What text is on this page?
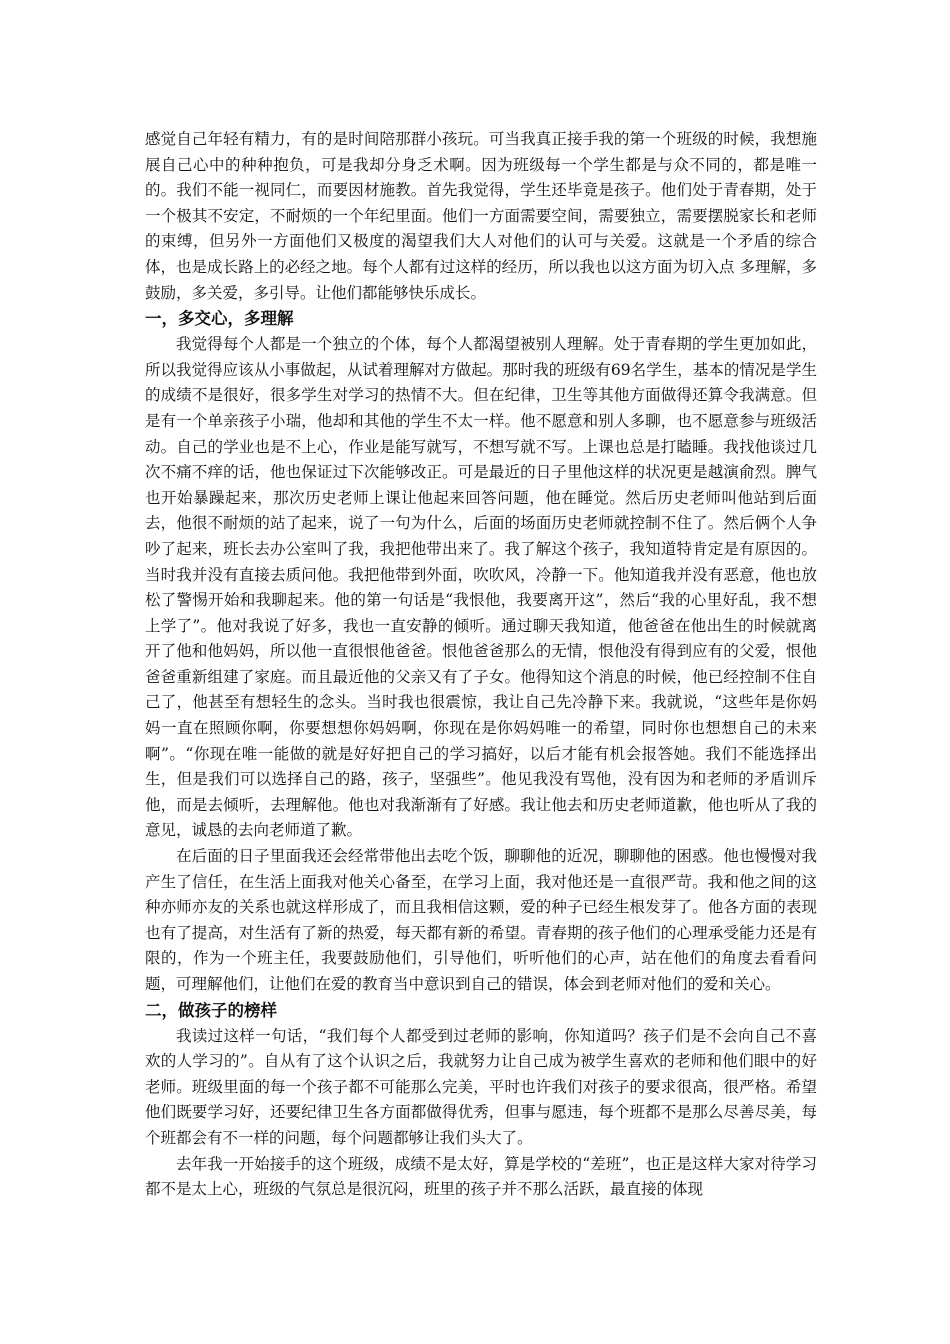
感觉自己年轻有精力，有的是时间陪那群小孩玩。可当我真正接手我的第一个班级的时候，我想施展自己心中的种种抱负，可是我却分身乏术啊。因为班级每一个学生都是与众不同的，都是唯一的。我们不能一视同仁，而要因材施教。首先我觉得，学生还毕竟是孩子。他们处于青春期，处于一个极其不安定，不耐烦的一个年纪里面。他们一方面需要空间，需要独立，需要摆脱家长和老师的束缚，但另外一方面他们又极度的渴望我们大人对他们的认可与关爱。这就是一个矛盾的综合体，也是成长路上的必经之地。每个人都有过这样的经历，所以我也以这方面为切入点 多理解，多鼓励，多关爱，多引导。让他们都能够快乐成长。

一，多交心，多理解

我觉得每个人都是一个独立的个体，每个人都渴望被别人理解。处于青春期的学生更加如此，所以我觉得应该从小事做起，从试着理解对方做起。那时我的班级有69名学生，基本的情况是学生的成绩不是很好，很多学生对学习的热情不大。但在纪律，卫生等其他方面做得还算令我满意。但是有一个单亲孩子小瑞，他却和其他的学生不太一样。他不愿意和别人多聊，也不愿意参与班级活动。自己的学业也是不上心，作业是能写就写，不想写就不写。上课也总是打瞌睡。我找他谈过几次不痛不痒的话，他也保证过下次能够改正。可是最近的日子里他这样的状况更是越演俞烈。脾气也开始暴躁起来，那次历史老师上课让他起来回答问题，他在睡觉。然后历史老师叫他站到后面去，他很不耐烦的站了起来，说了一句为什么，后面的场面历史老师就控制不住了。然后俩个人争吵了起来，班长去办公室叫了我，我把他带出来了。我了解这个孩子，我知道特肯定是有原因的。当时我并没有直接去质问他。我把他带到外面，吹吹风，冷静一下。他知道我并没有恶意，他也放松了警惕开始和我聊起来。他的第一句话是“我恨他，我要离开这”，然后“我的心里好乱，我不想上学了”。他对我说了好多，我也一直安静的倾听。通过聊天我知道，他爸爸在他出生的时候就离开了他和他妈妈，所以他一直很恨他爸爸。恨他爸爸那么的无情，恨他没有得到应有的父爱，恨他爸爸重新组建了家庭。而且最近他的父亲又有了子女。他得知这个消息的时候，他已经控制不住自己了，他甚至有想轻生的念头。当时我也很震惊，我让自己先冷静下来。我就说，“这些年是你妈妈一直在照顾你啊，你要想想你妈妈啊，你现在是你妈妈唯一的希望，同时你也想想自己的未来啊”。“你现在唯一能做的就是好好把自己的学习搞好，以后才能有机会报答她。我们不能选择出生，但是我们可以选择自己的路，孩子，坚强些”。他见我没有骂他，没有因为和老师的矛盾训斥他，而是去倾听，去理解他。他也对我渐渐有了好感。我让他去和历史老师道歉，他也听从了我的意见，诚恳的去向老师道了歉。

在后面的日子里面我还会经常带他出去吃个饭，聊聊他的近况，聊聊他的困惑。他也慢慢对我产生了信任，在生活上面我对他关心备至，在学习上面，我对他还是一直很严苛。我和他之间的这种亦师亦友的关系也就这样形成了，而且我相信这颗，爱的种子已经生根发芽了。他各方面的表现也有了提高，对生活有了新的热爱，每天都有新的希望。青春期的孩子他们的心理承受能力还是有限的，作为一个班主任，我要鼓励他们，引导他们，听听他们的心声，站在他们的角度去看看问题，可理解他们，让他们在爱的教育当中意识到自己的错误，体会到老师对他们的爱和关心。

二，做孩子的榜样

我读过这样一句话，“我们每个人都受到过老师的影响，你知道吗？孩子们是不会向自己不喜欢的人学习的”。自从有了这个认识之后，我就努力让自己成为被学生喜欢的老师和他们眼中的好老师。班级里面的每一个孩子都不可能那么完美，平时也许我们对孩子的要求很高，很严格。希望他们既要学习好，还要纪律卫生各方面都做得优秀，但事与愿违，每个班都不是那么尽善尽美，每个班都会有不一样的问题，每个问题都够让我们头大了。

去年我一开始接手的这个班级，成绩不是太好，算是学校的“差班”，也正是这样大家对待学习都不是太上心，班级的气氛总是很沉闷，班里的孩子并不那么活跃，最直接的体现
